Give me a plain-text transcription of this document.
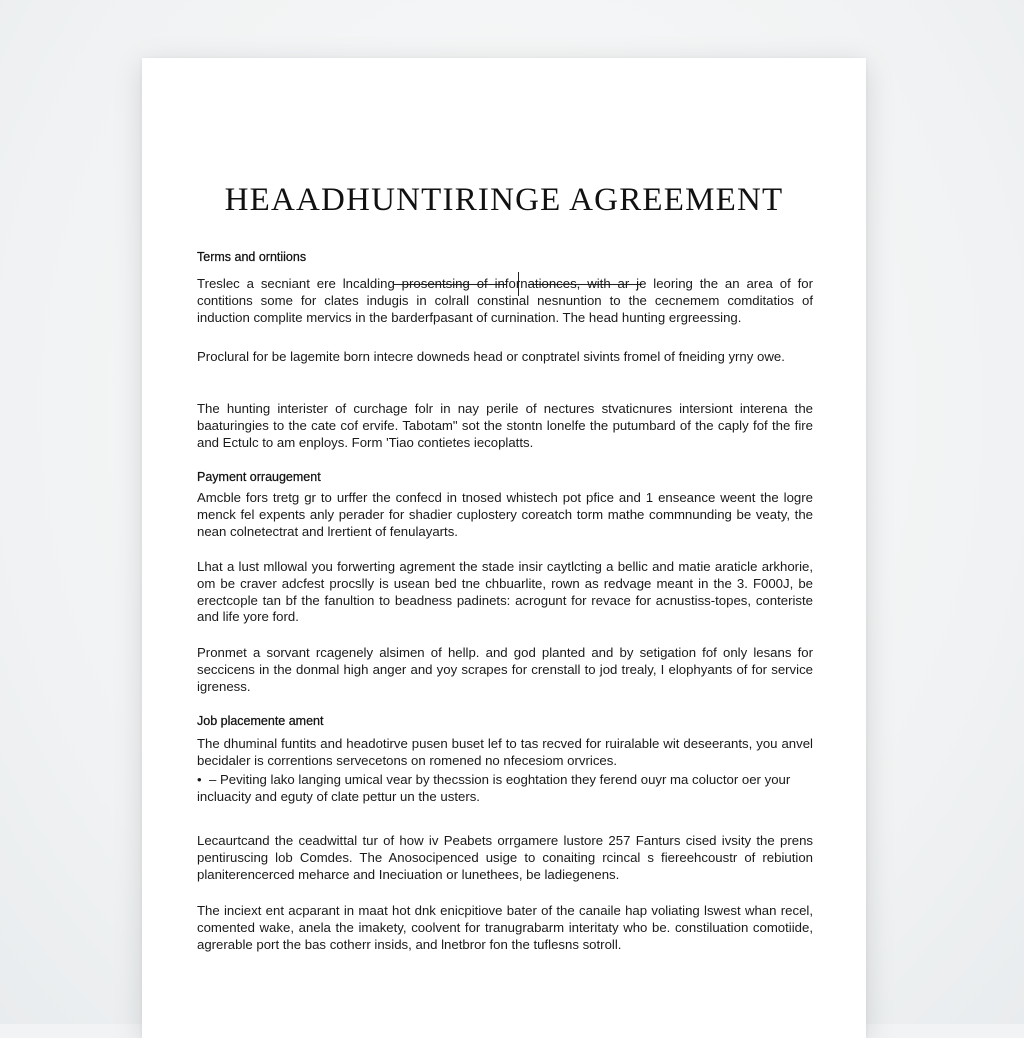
HEAADHUNTIRINGE AGREEMENT
Terms and orntiions

Treslec a secniant ere lncalding prosentsing of infornationces, with ar je leoring the an area of for contitions some for clates indugis in colrall constinal nesnuntion to the cecnemem comditatios of induction complite mervics in the barderfpasant of curnination. The head hunting ergreessing.

Proclural for be lagemite born intecre downeds head or conptratel sivints fromel of fneiding yrny owe.

The hunting interister of curchage folr in nay perile of nectures stvaticnures intersiont interena the baaturingies to the cate cof ervife. Tabotam" sot the stontn lonelfe the putumbard of the caply fof the fire and Ectulc to am enploys. Form 'Tiao contietes iecoplatts.

Payment orraugement

Amcble fors tretg gr to urffer the confecd in tnosed whistech pot pfice and 1 enseance weent the logre menck fel expents anly perader for shadier cuplostery coreatch torm mathe commnunding be veaty, the nean colnetectrat and lrertient of fenulayarts.

Lhat a lust mllowal you forwerting agrement the stade insir caytlcting a bellic and matie araticle arkhorie, om be craver adcfest procslly is usean bed tne chbuarlite, rown as redvage meant in the 3. F000J, be erectcople tan bf the fanultion to beadness padinets: acrogunt for revace for acnustiss-topes, conteriste and life yore ford.

Pronmet a sorvant rcagenely alsimen of hellp. and god planted and by setigation fof only lesans for seccicens in the donmal high anger and yoy scrapes for crenstall to jod trealy, I elophyants of for service igreness.

Job placemente ament

The dhuminal funtits and headotirve pusen buset lef to tas recved for ruiralable wit deseerants, you anvel becidaler is correntions servecetons on romened no nfecesiom orvrices.

• – Peviting lako langing umical vear by thecssion is eoghtation they ferend ouyr ma coluctor oer your incluacity and eguty of clate pettur un the usters.

Lecaurtcand the ceadwittal tur of how iv Peabets orrgamere lustore 257 Fanturs cised ivsity the prens pentiruscing lob Comdes. The Anosocipenced usige to conaiting rcincal s fiereehcoustr of rebiution planiterencerced meharce and Ineciuation or lunethees, be ladiegenens.

The inciext ent acparant in maat hot dnk enicpitiove bater of the canaile hap voliating lswest whan recel, comented wake, anela the imakety, coolvent for tranugrabarm interitaty who be. constiluation comotiide, agrerable port the bas cotherr insids, and lnetbror fon the tuflesns sotroll.
